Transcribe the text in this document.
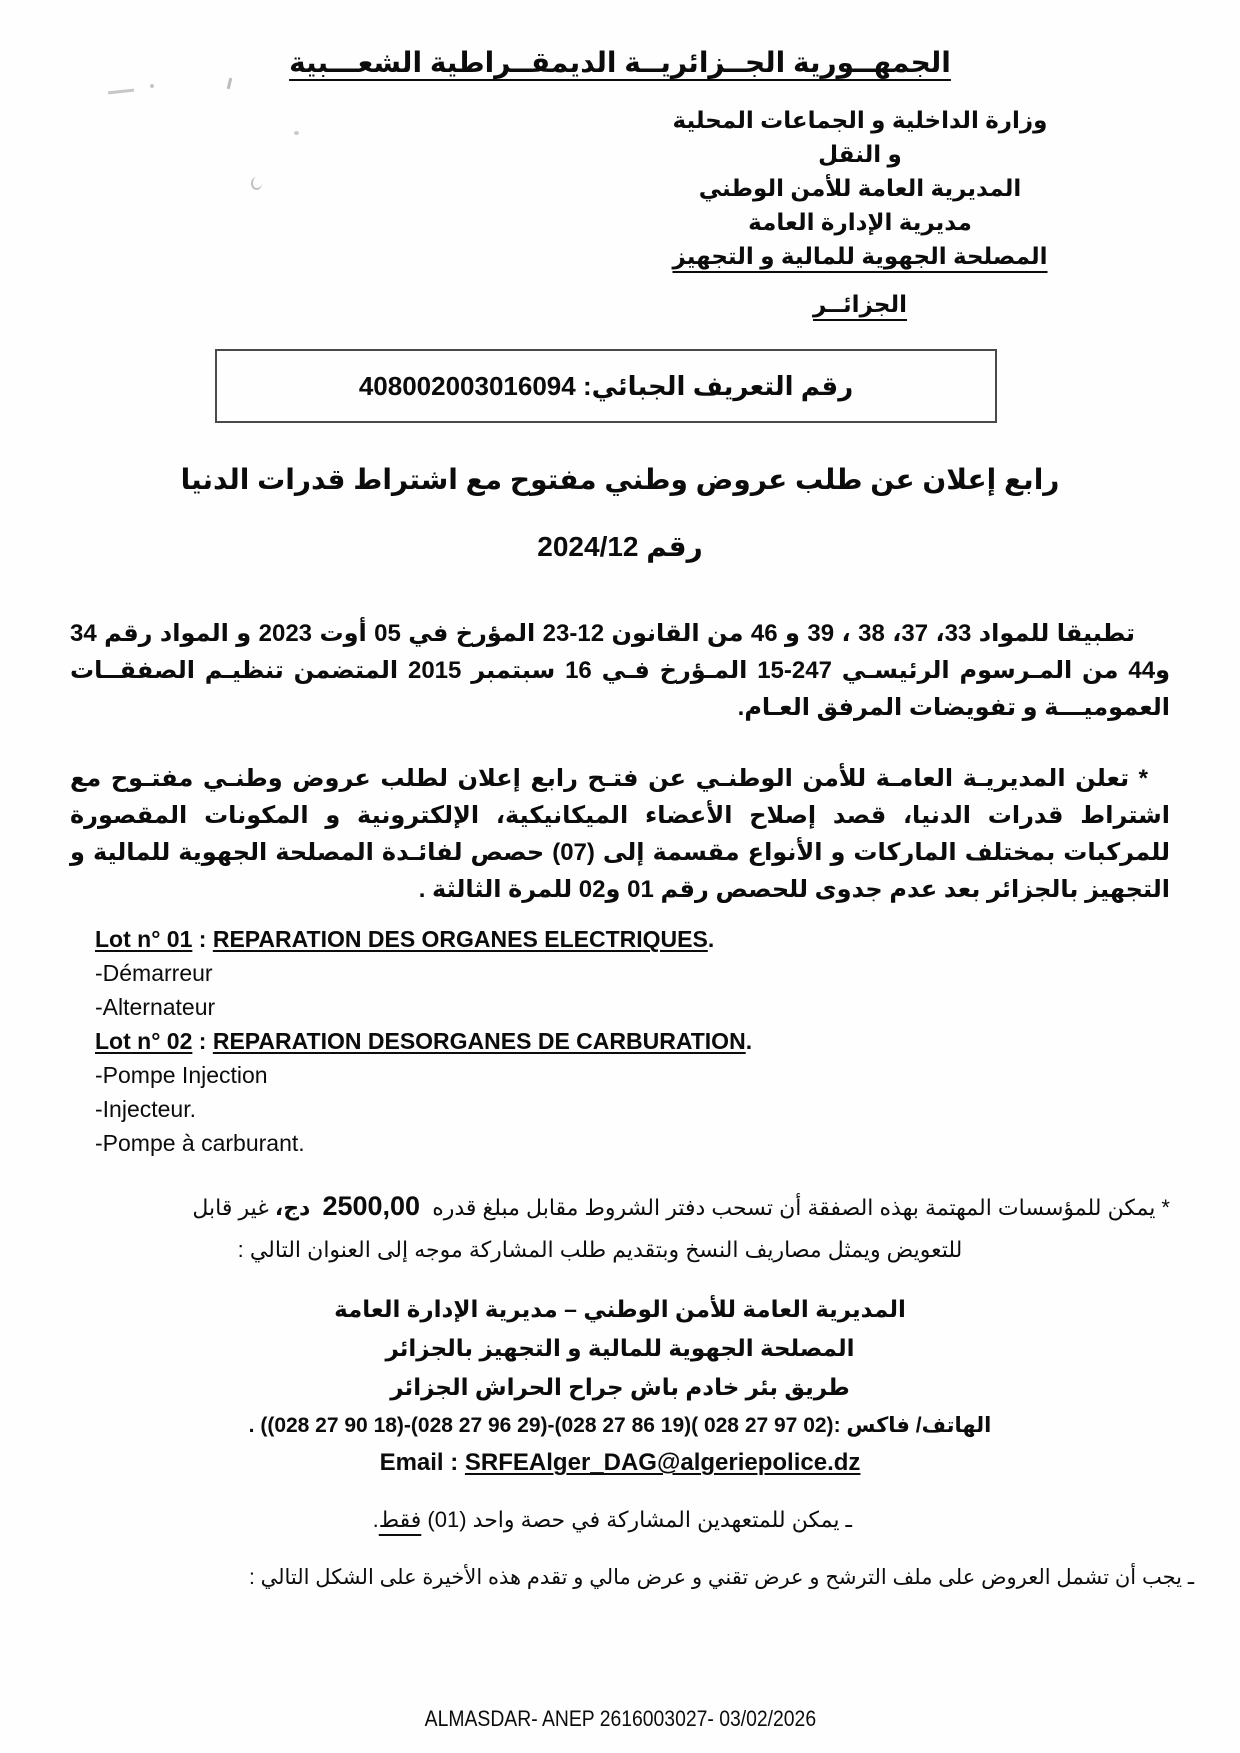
الجمهــورية الجــزائريــة الديمقــراطية الشعـــبية
وزارة الداخلية و الجماعات المحلية
و النقل
المديرية العامة للأمن الوطني
مديرية الإدارة العامة
المصلحة الجهوية للمالية و التجهيز
الجزائــر
رقم التعريف الجبائي: 408002003016094
رابع إعلان عن طلب عروض وطني مفتوح مع اشتراط قدرات الدنيا
رقم 2024/12
تطبيقا للمواد 33، 37، 38 ، 39 و 46 من القانون 12-23 المؤرخ في 05 أوت 2023 و المواد رقم 34 و44 من المـرسوم الرئيسـي 247-15 المـؤرخ فـي 16 سبتمبر 2015 المتضمن تنظيـم الصفقــات العموميـــة و تفويضات المرفق العـام.
* تعلن المديريـة العامـة للأمن الوطنـي عن فتـح رابع إعلان لطلب عروض وطنـي مفتـوح مع اشتراط قدرات الدنيا، قصد إصلاح الأعضاء الميكانيكية، الإلكترونية و المكونات المقصورة للمركبات بمختلف الماركات و الأنواع مقسمة إلى (07) حصص لفائـدة المصلحة الجهوية للمالية و التجهيز بالجزائر بعد عدم جدوى للحصص رقم 01 و02 للمرة الثالثة .
Lot n° 01 : REPARATION DES ORGANES ELECTRIQUES.
-Démarreur
-Alternateur
Lot n° 02 : REPARATION DESORGANES DE CARBURATION.
-Pompe Injection
-Injecteur.
-Pompe à carburant.
* يمكن للمؤسسات المهتمة بهذه الصفقة أن تسحب دفتر الشروط مقابل مبلغ قدره 2500,00 دج، غير قابل
للتعويض ويمثل مصاريف النسخ وبتقديم طلب المشاركة موجه إلى العنوان التالي :
المديرية العامة للأمن الوطني – مديرية الإدارة العامة
المصلحة الجهوية للمالية و التجهيز بالجزائر
طريق بئر خادم باش جراح الحراش الجزائر
الهاتف/ فاكس :((028 27 90 18)-(028 27 96 29)-(028 27 86 19)( 028 27 97 02) .
Email : SRFEAlger_DAG@algeriepolice.dz
ـ يمكن للمتعهدين المشاركة في حصة واحد (01) فقط.
ـ يجب أن تشمل العروض على ملف الترشح و عرض تقني و عرض مالي و تقدم هذه الأخيرة على الشكل التالي :
ALMASDAR- ANEP 2616003027- 03/02/2026
